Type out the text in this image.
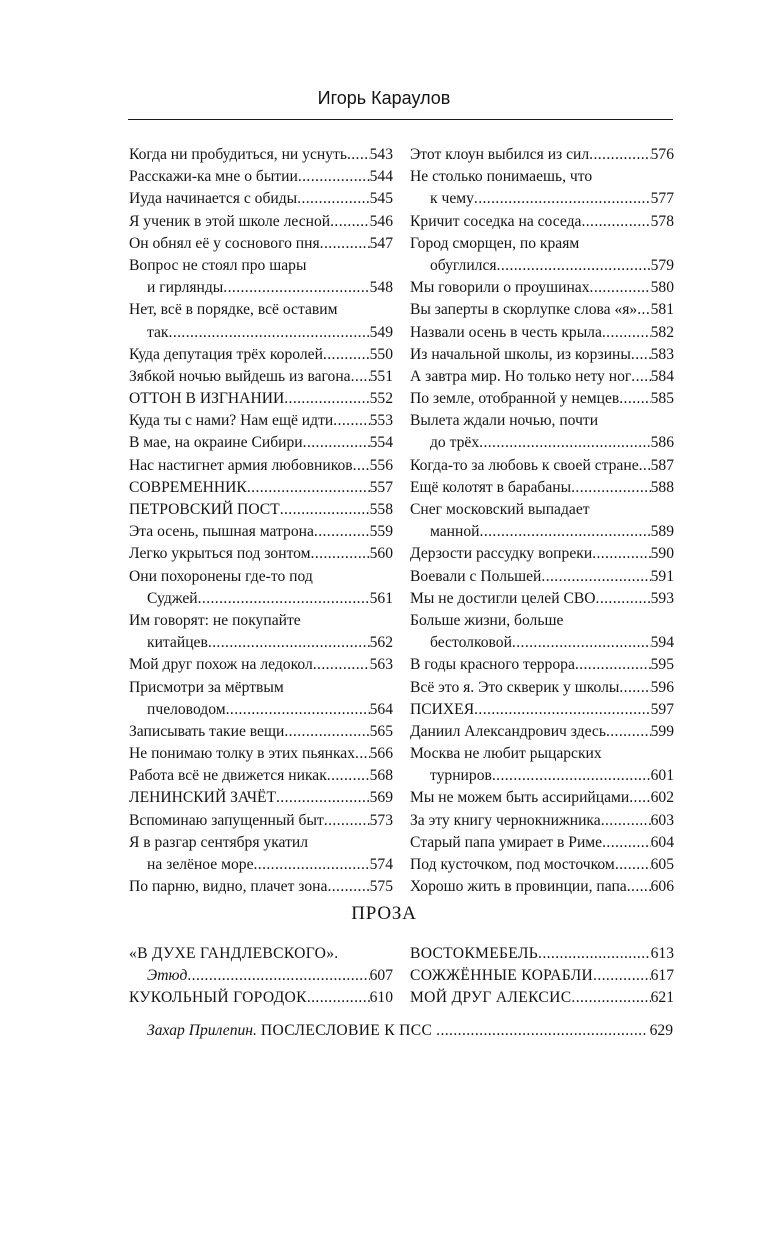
Игорь Караулов
Когда ни пробудиться, ни уснуть ..... 543
Расскажи-ка мне о бытии .....	544
Иуда начинается с обиды .....	545
Я ученик в этой школе лесной .....	546
Он обнял её у соснового пня .....	547
Вопрос не стоял про шары
и гирлянды .....	548
Нет, всё в порядке, всё оставим
так .....	549
Куда депутация трёх королей .....	550
Зябкой ночью выйдешь из вагона ..... 551
ОТТОН В ИЗГНАНИИ .....	552
Куда ты с нами? Нам ещё идти ..... 553
В мае, на окраине Сибири .....	554
Нас настигнет армия любовников ..... 556
СОВРЕМЕННИК .....	557
ПЕТРОВСКИЙ ПОСТ .....	558
Эта осень, пышная матрона .....	559
Легко укрыться под зонтом .....	560
Они похоронены где-то под
Суджей .....	561
Им говорят: не покупайте
китайцев .....	562
Мой друг похож на ледокол .....	563
Присмотри за мёртвым
пчеловодом .....	564
Записывать такие вещи .....	565
Не понимаю толку в этих пьянках ..... 566
Работа всё не движется никак .....	568
ЛЕНИНСКИЙ ЗАЧЁТ .....	569
Вспоминаю запущенный быт .....	573
Я в разгар сентября укатил
на зелёное море .....	574
По парню, видно, плачет зона .....	575
Этот клоун выбился из сил .....	576
Не столько понимаешь, что
к чему .....	577
Кричит соседка на соседа .....	578
Город сморщен, по краям
обуглился .....	579
Мы говорили о проушинах .....	580
Вы заперты в скорлупке слова «я» ..... 581
Назвали осень в честь крыла .....	582
Из начальной школы, из корзины ..... 583
А завтра мир. Но только нету ног ..... 584
По земле, отобранной у немцев ..... 585
Вылета ждали ночью, почти
до трёх .....	586
Когда-то за любовь к своей стране ..... 587
Ещё колотят в барабаны .....	588
Снег московский выпадает
манной .....	589
Дерзости рассудку вопреки .....	590
Воевали с Польшей .....	591
Мы не достигли целей СВО .....	593
Больше жизни, больше
бестолковой .....	594
В годы красного террора .....	595
Всё это я. Это скверик у школы ..... 596
ПСИХЕЯ .....	597
Даниил Александрович здесь .....	599
Москва не любит рыцарских
турниров .....	601
Мы не можем быть ассирийцами ..... 602
За эту книгу чернокнижника .....	603
Старый папа умирает в Риме .....	604
Под кусточком, под мосточком ..... 605
Хорошо жить в провинции, папа ..... 606
ПРОЗА
«В ДУХЕ ГАНДЛЕВСКОГО».
Этюд .....	607
КУКОЛЬНЫЙ ГОРОДОК .....	610
ВОСТОКМЕБЕЛЬ .....	613
СОЖЖЁННЫЕ КОРАБЛИ .....	617
МОЙ ДРУГ АЛЕКСИС .....	621
Захар Прилепин. ПОСЛЕСЛОВИЕ К ПСС .....	629
